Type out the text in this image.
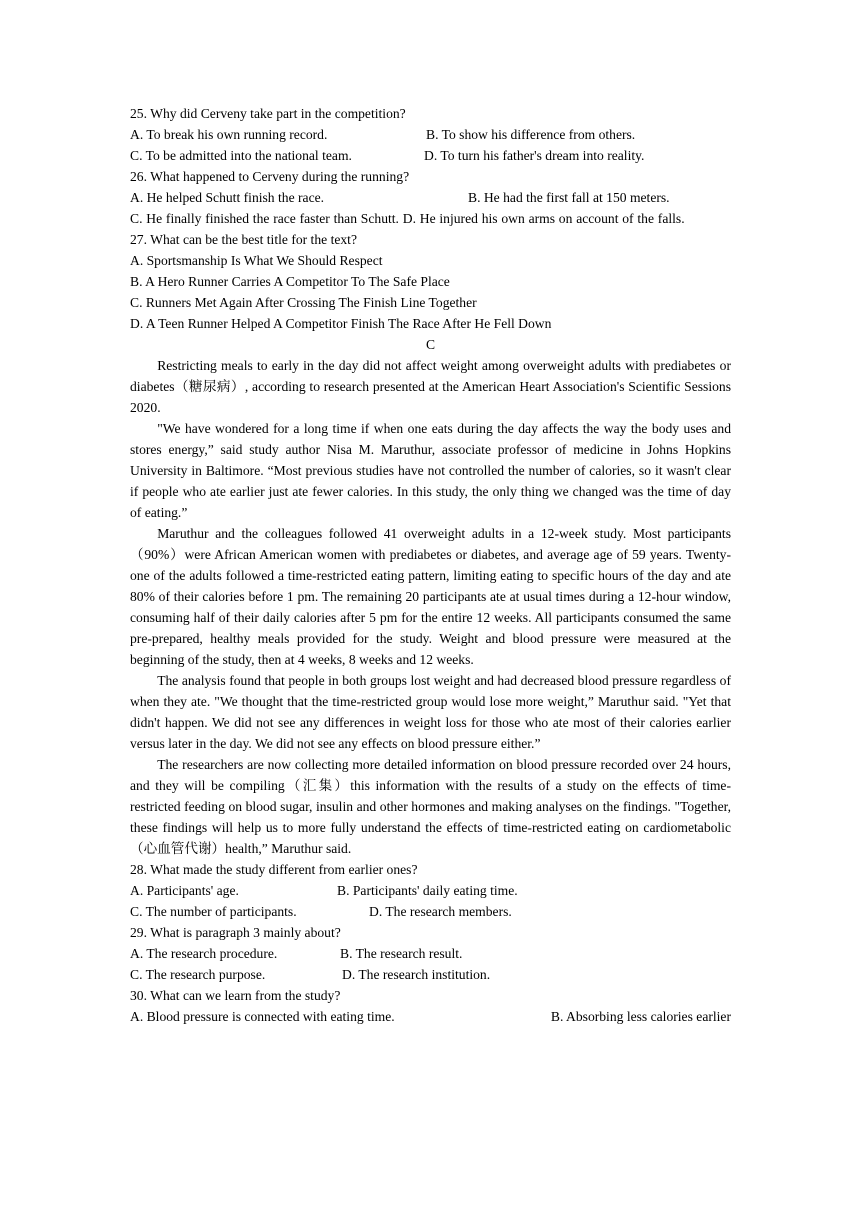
25. Why did Cerveny take part in the competition?
A. To break his own running record.	B. To show his difference from others.
C. To be admitted into the national team.	D. To turn his father's dream into reality.
26. What happened to Cerveny during the running?
A. He helped Schutt finish the race.	B. He had the first fall at 150 meters.
C. He finally finished the race faster than Schutt. D. He injured his own arms on account of the falls.
27. What can be the best title for the text?
A. Sportsmanship Is What We Should Respect
B. A Hero Runner Carries A Competitor To The Safe Place
C. Runners Met Again After Crossing The Finish Line Together
D. A Teen Runner Helped A Competitor Finish The Race After He Fell Down
C

Restricting meals to early in the day did not affect weight among overweight adults with prediabetes or diabetes（糖尿病）, according to research presented at the American Heart Association's Scientific Sessions 2020.

"We have wondered for a long time if when one eats during the day affects the way the body uses and stores energy,” said study author Nisa M. Maruthur, associate professor of medicine in Johns Hopkins University in Baltimore. “Most previous studies have not controlled the number of calories, so it wasn't clear if people who ate earlier just ate fewer calories. In this study, the only thing we changed was the time of day of eating.”

Maruthur and the colleagues followed 41 overweight adults in a 12-week study. Most participants（90%）were African American women with prediabetes or diabetes, and average age of 59 years. Twenty-one of the adults followed a time-restricted eating pattern, limiting eating to specific hours of the day and ate 80% of their calories before 1 pm. The remaining 20 participants ate at usual times during a 12-hour window, consuming half of their daily calories after 5 pm for the entire 12 weeks. All participants consumed the same pre-prepared, healthy meals provided for the study. Weight and blood pressure were measured at the beginning of the study, then at 4 weeks, 8 weeks and 12 weeks.

The analysis found that people in both groups lost weight and had decreased blood pressure regardless of when they ate. "We thought that the time-restricted group would lose more weight,” Maruthur said. "Yet that didn't happen. We did not see any differences in weight loss for those who ate most of their calories earlier versus later in the day. We did not see any effects on blood pressure either.”

The researchers are now collecting more detailed information on blood pressure recorded over 24 hours, and they will be compiling（汇集）this information with the results of a study on the effects of time-restricted feeding on blood sugar, insulin and other hormones and making analyses on the findings. "Together, these findings will help us to more fully understand the effects of time-restricted eating on cardiometabolic（心血管代谢）health,” Maruthur said.

28. What made the study different from earlier ones?
A. Participants' age.	B. Participants' daily eating time.
C. The number of participants.	D. The research members.
29. What is paragraph 3 mainly about?
A. The research procedure.	B. The research result.
C. The research purpose.	D. The research institution.
30. What can we learn from the study?
A. Blood pressure is connected with eating time.	B. Absorbing less calories earlier
